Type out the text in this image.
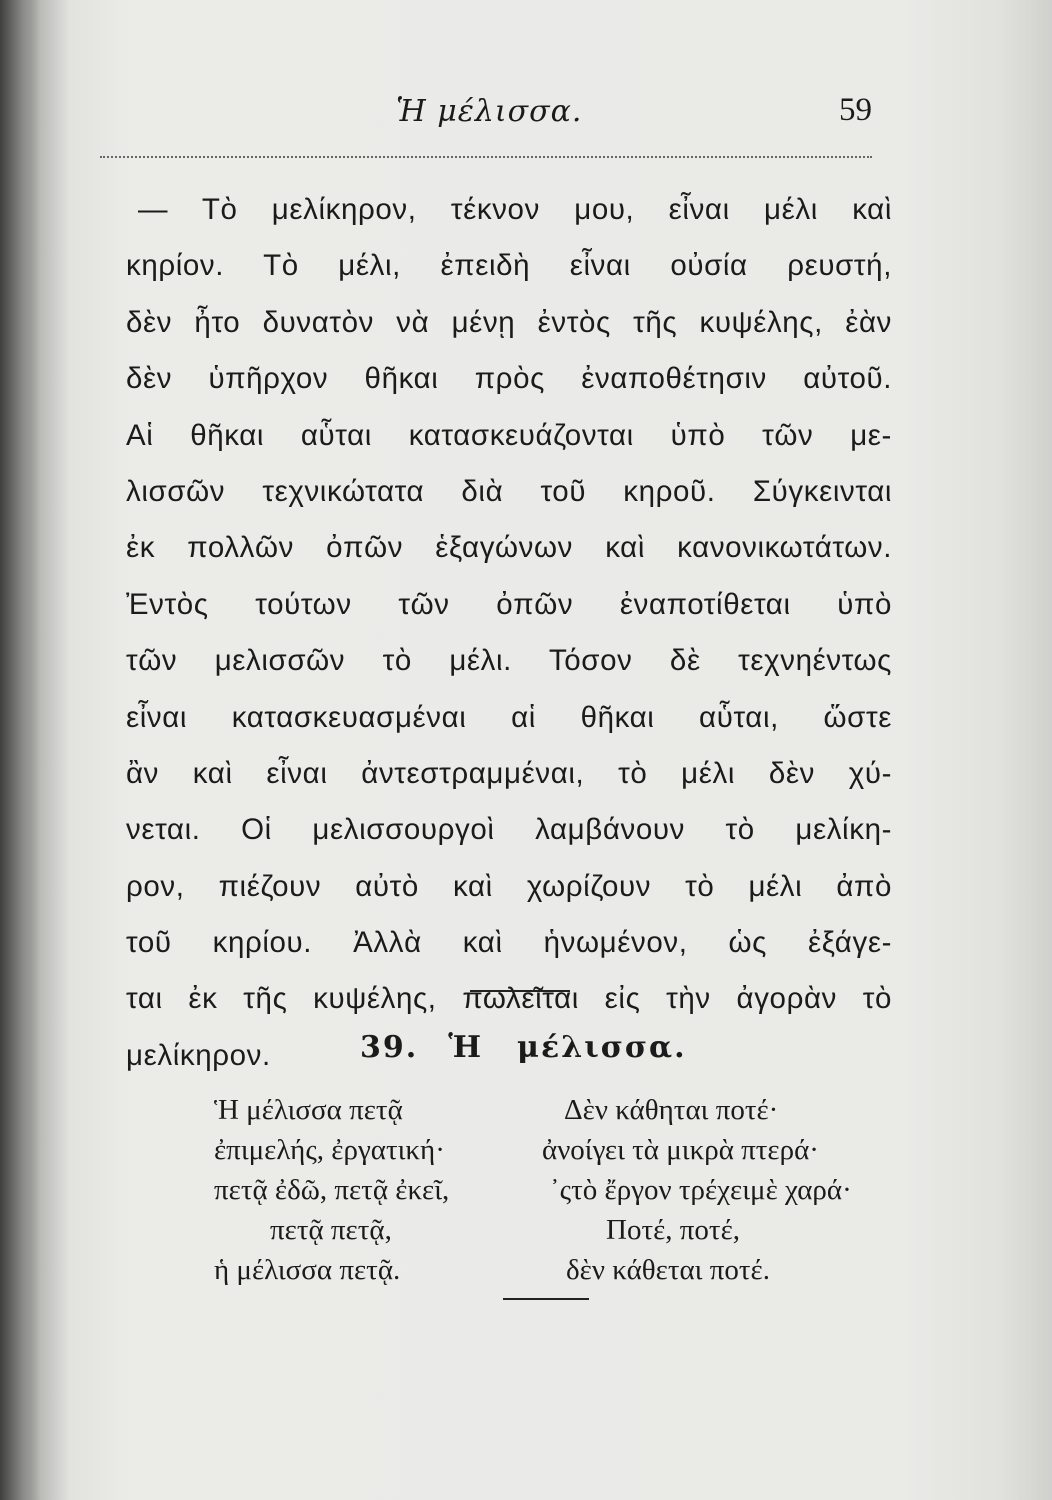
Ἡ μέλισσα.	59
— Τὸ μελίκηρον, τέκνον μου, εἶναι μέλι καὶ
κηρίον. Τὸ μέλι, ἐπειδὴ εἶναι οὐσία ρευστή,
δὲν ἦτο δυνατὸν νὰ μένῃ ἐντὸς τῆς κυψέλης, ἐὰν
δὲν ὑπῆρχον θῆκαι πρὸς ἐναποθέτησιν αὐτοῦ.
Αἱ θῆκαι αὗται κατασκευάζονται ὑπὸ τῶν με-
λισσῶν τεχνικώτατα διὰ τοῦ κηροῦ. Σύγκεινται
ἐκ πολλῶν ὀπῶν ἑξαγώνων καὶ κανονικωτάτων.
Ἐντὸς τούτων τῶν ὀπῶν ἐναποτίθεται ὑπὸ
τῶν μελισσῶν τὸ μέλι. Τόσον δὲ τεχνηέντως
εἶναι κατασκευασμέναι αἱ θῆκαι αὗται, ὥστε
ἂν καὶ εἶναι ἀντεστραμμέναι, τὸ μέλι δὲν χύ-
νεται. Οἱ μελισσουργοὶ λαμβάνουν τὸ μελίκη-
ρον, πιέζουν αὐτὸ καὶ χωρίζουν τὸ μέλι ἀπὸ
τοῦ κηρίου. Ἀλλὰ καὶ ἡνωμένον, ὡς ἐξάγε-
ται ἐκ τῆς κυψέλης, πωλεῖται εἰς τὴν ἀγορὰν τὸ
μελίκηρον.	39. Ἡ μέλισσα.
Ἡ μέλισσα πετᾷ
ἐπιμελής, ἐργατική·
πετᾷ ἐδῶ, πετᾷ ἐκεῖ,
πετᾷ πετᾷ,
ἡ μέλισσα πετᾷ.
Δὲν κάθηται ποτέ·
ἀνοίγει τὰ μικρὰ πτερά·
᾽ςτὸ ἔργον τρέχειμὲ χαρά·
Ποτέ, ποτέ,
δὲν κάθεται ποτέ.
